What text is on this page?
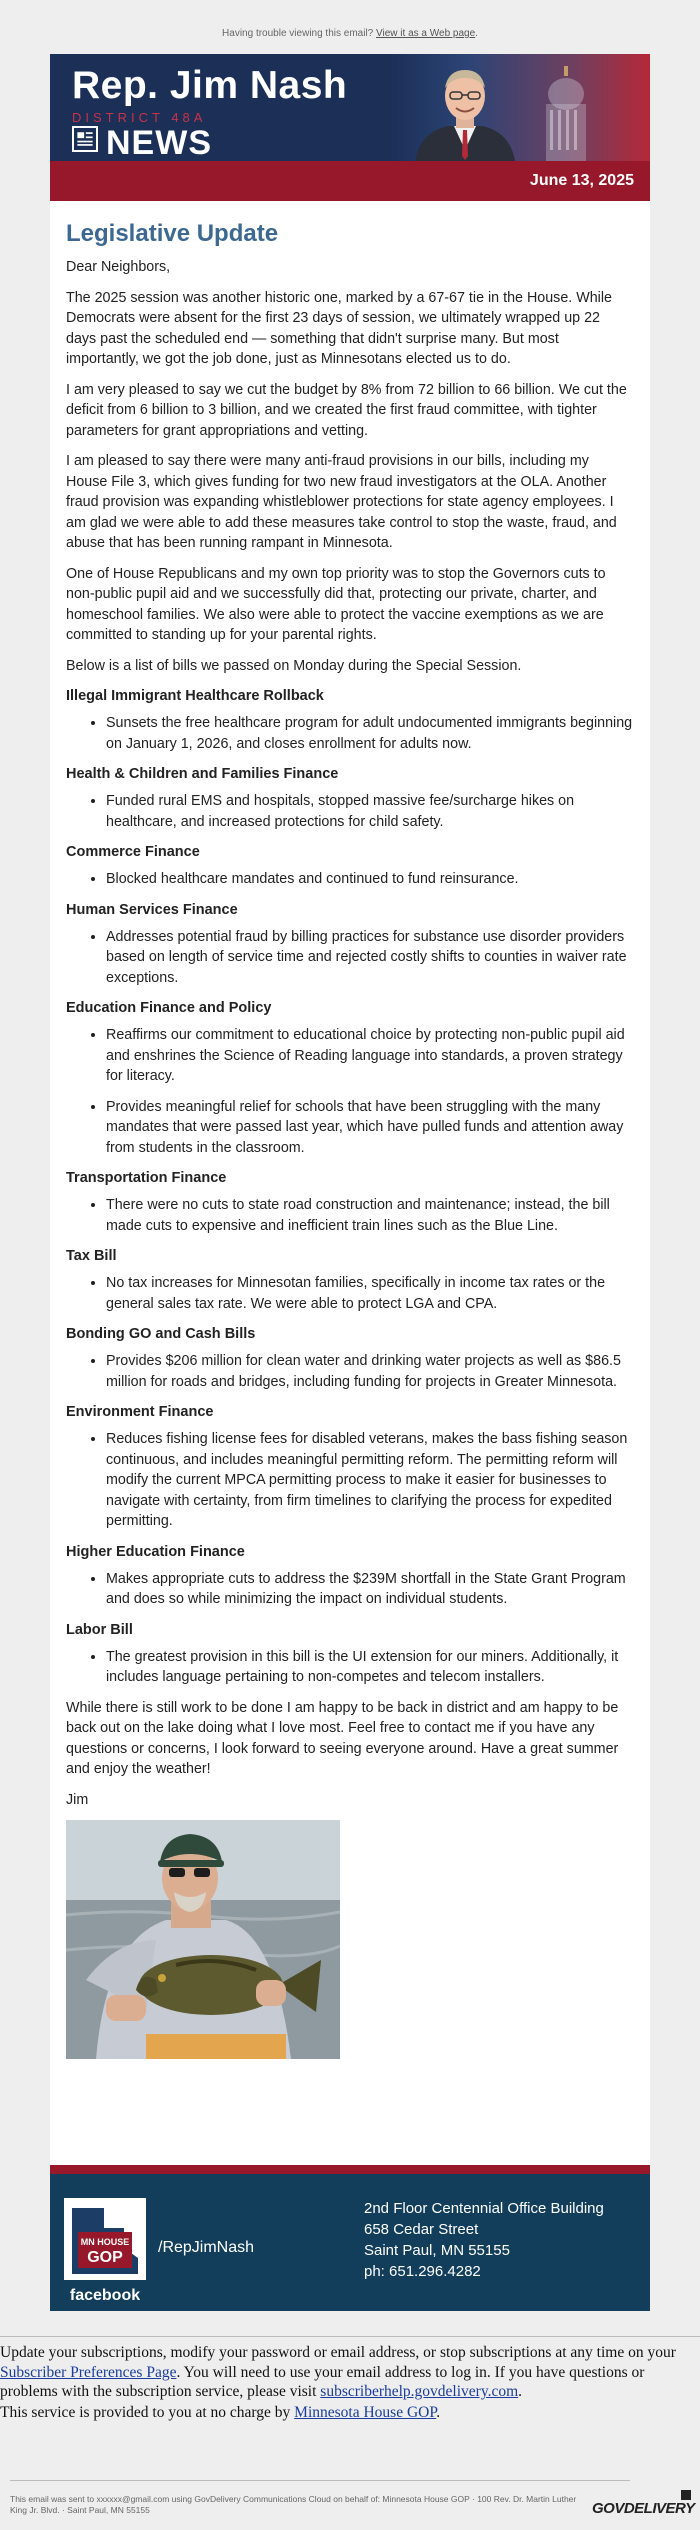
Having trouble viewing this email? View it as a Web page.
Rep. Jim Nash
DISTRICT 48A
NEWS
June 13, 2025
Legislative Update

Dear Neighbors,

The 2025 session was another historic one, marked by a 67-67 tie in the House. While Democrats were absent for the first 23 days of session, we ultimately wrapped up 22 days past the scheduled end — something that didn't surprise many. But most importantly, we got the job done, just as Minnesotans elected us to do.

I am very pleased to say we cut the budget by 8% from 72 billion to 66 billion. We cut the deficit from 6 billion to 3 billion, and we created the first fraud committee, with tighter parameters for grant appropriations and vetting.

I am pleased to say there were many anti-fraud provisions in our bills, including my House File 3, which gives funding for two new fraud investigators at the OLA. Another fraud provision was expanding whistleblower protections for state agency employees. I am glad we were able to add these measures take control to stop the waste, fraud, and abuse that has been running rampant in Minnesota.

One of House Republicans and my own top priority was to stop the Governors cuts to non-public pupil aid and we successfully did that, protecting our private, charter, and homeschool families. We also were able to protect the vaccine exemptions as we are committed to standing up for your parental rights.

Below is a list of bills we passed on Monday during the Special Session.

Illegal Immigrant Healthcare Rollback
• Sunsets the free healthcare program for adult undocumented immigrants beginning on January 1, 2026, and closes enrollment for adults now.
Health & Children and Families Finance
• Funded rural EMS and hospitals, stopped massive fee/surcharge hikes on healthcare, and increased protections for child safety.
Commerce Finance
• Blocked healthcare mandates and continued to fund reinsurance.
Human Services Finance
• Addresses potential fraud by billing practices for substance use disorder providers based on length of service time and rejected costly shifts to counties in waiver rate exceptions.
Education Finance and Policy
• Reaffirms our commitment to educational choice by protecting non-public pupil aid and enshrines the Science of Reading language into standards, a proven strategy for literacy.
• Provides meaningful relief for schools that have been struggling with the many mandates that were passed last year, which have pulled funds and attention away from students in the classroom.
Transportation Finance
• There were no cuts to state road construction and maintenance; instead, the bill made cuts to expensive and inefficient train lines such as the Blue Line.
Tax Bill
• No tax increases for Minnesotan families, specifically in income tax rates or the general sales tax rate. We were able to protect LGA and CPA.
Bonding GO and Cash Bills
• Provides $206 million for clean water and drinking water projects as well as $86.5 million for roads and bridges, including funding for projects in Greater Minnesota.
Environment Finance
• Reduces fishing license fees for disabled veterans, makes the bass fishing season continuous, and includes meaningful permitting reform. The permitting reform will modify the current MPCA permitting process to make it easier for businesses to navigate with certainty, from firm timelines to clarifying the process for expedited permitting.
Higher Education Finance
• Makes appropriate cuts to address the $239M shortfall in the State Grant Program and does so while minimizing the impact on individual students.
Labor Bill
• The greatest provision in this bill is the UI extension for our miners. Additionally, it includes language pertaining to non-competes and telecom installers.

While there is still work to be done I am happy to be back in district and am happy to be back out on the lake doing what I love most. Feel free to contact me if you have any questions or concerns, I look forward to seeing everyone around. Have a great summer and enjoy the weather!

Jim

MN HOUSE
GOP
facebook
/RepJimNash
2nd Floor Centennial Office Building
658 Cedar Street
Saint Paul, MN 55155
ph: 651.296.4282
Update your subscriptions, modify your password or email address, or stop subscriptions at any time on your Subscriber Preferences Page. You will need to use your email address to log in. If you have questions or problems with the subscription service, please visit subscriberhelp.govdelivery.com.
This service is provided to you at no charge by Minnesota House GOP.
This email was sent to xxxxxx@gmail.com using GovDelivery Communications Cloud on behalf of: Minnesota House GOP · 100 Rev. Dr. Martin Luther King Jr. Blvd. · Saint Paul, MN 55155	GOVDELIVERY
